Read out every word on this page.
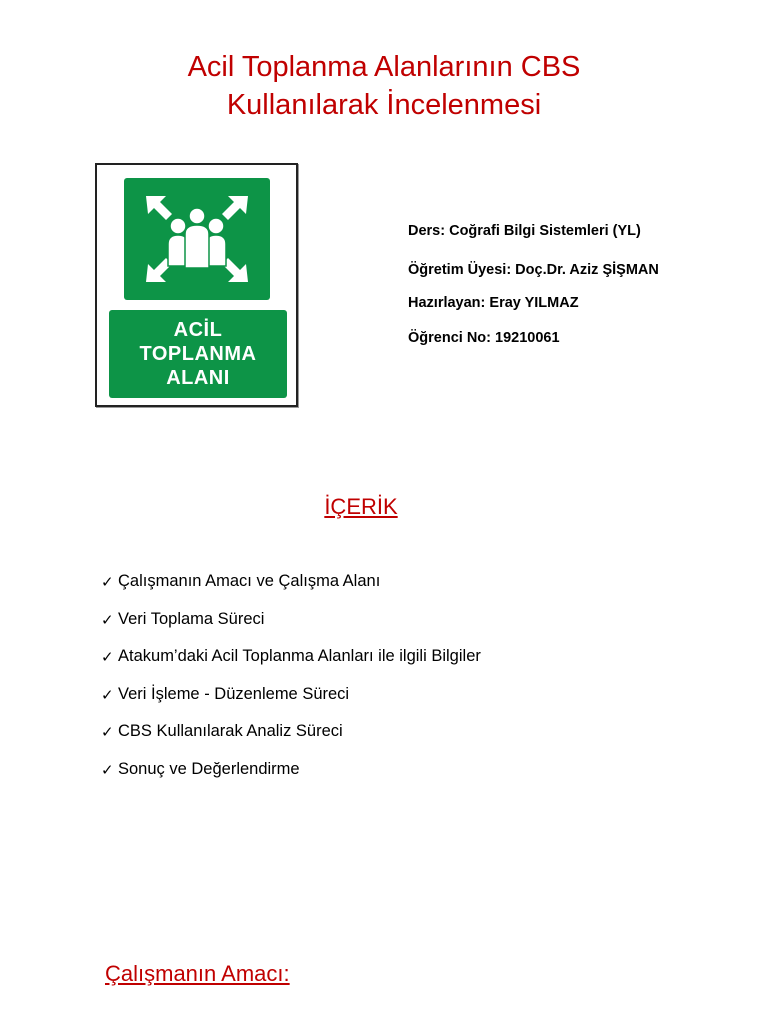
Acil Toplanma Alanlarının CBS
Kullanılarak İncelenmesi
ACİL
TOPLANMA
ALANI
Ders: Coğrafi Bilgi Sistemleri (YL)
Öğretim Üyesi: Doç.Dr. Aziz ŞİŞMAN
Hazırlayan: Eray YILMAZ
Öğrenci No: 19210061
İÇERİK
✓ Çalışmanın Amacı ve Çalışma Alanı
✓ Veri Toplama Süreci
✓ Atakum’daki Acil Toplanma Alanları ile ilgili Bilgiler
✓ Veri İşleme - Düzenleme Süreci
✓ CBS Kullanılarak Analiz Süreci
✓ Sonuç ve Değerlendirme
Çalışmanın Amacı:
